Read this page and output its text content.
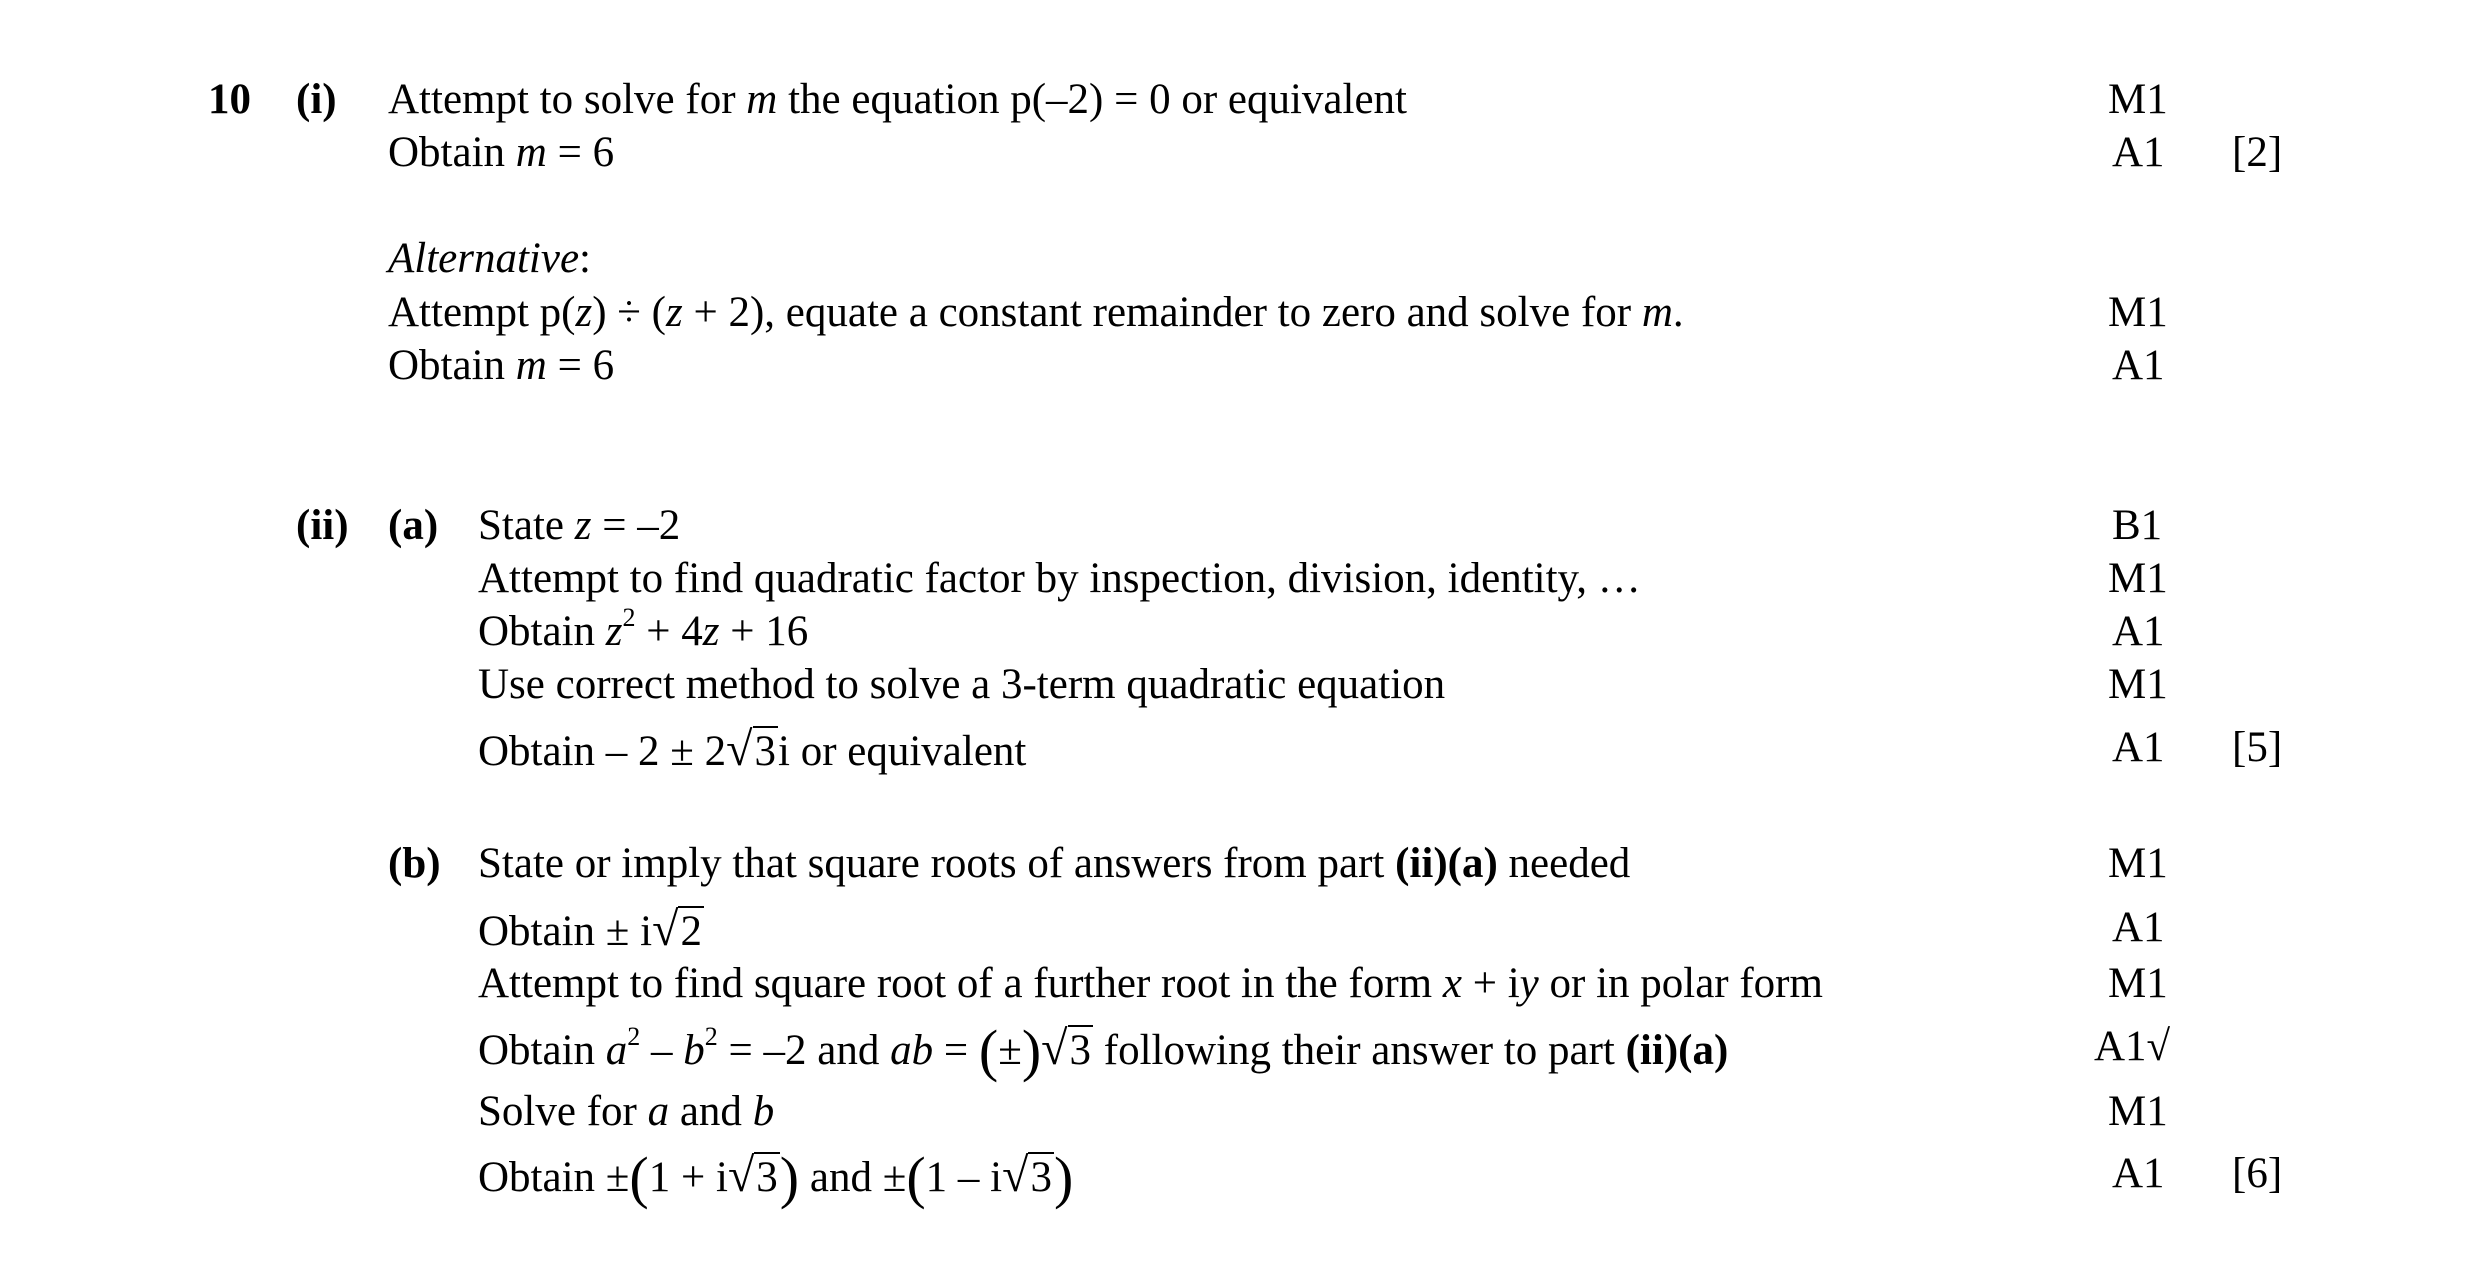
10 (i) Attempt to solve for m the equation p(–2) = 0 or equivalent	M1
Obtain m = 6	A1 [2]
Alternative:
Attempt p(z) ÷ (z + 2), equate a constant remainder to zero and solve for m.	M1
Obtain m = 6	A1
(ii) (a) State z = –2	B1
Attempt to find quadratic factor by inspection, division, identity, …	M1
Obtain $z^2 + 4z + 16$	A1
Use correct method to solve a 3-term quadratic equation	M1
Obtain – 2 ± 2√3i or equivalent	A1 [5]
(b) State or imply that square roots of answers from part (ii)(a) needed	M1
Obtain ± i√2	A1
Attempt to find square root of a further root in the form x + iy or in polar form	M1
Obtain $a^2 - b^2 = -2$ and ab = (±)√3 following their answer to part (ii)(a)	A1√
Solve for a and b	M1
Obtain ±(1 + i√3) and ±(1 – i√3)	A1 [6]
